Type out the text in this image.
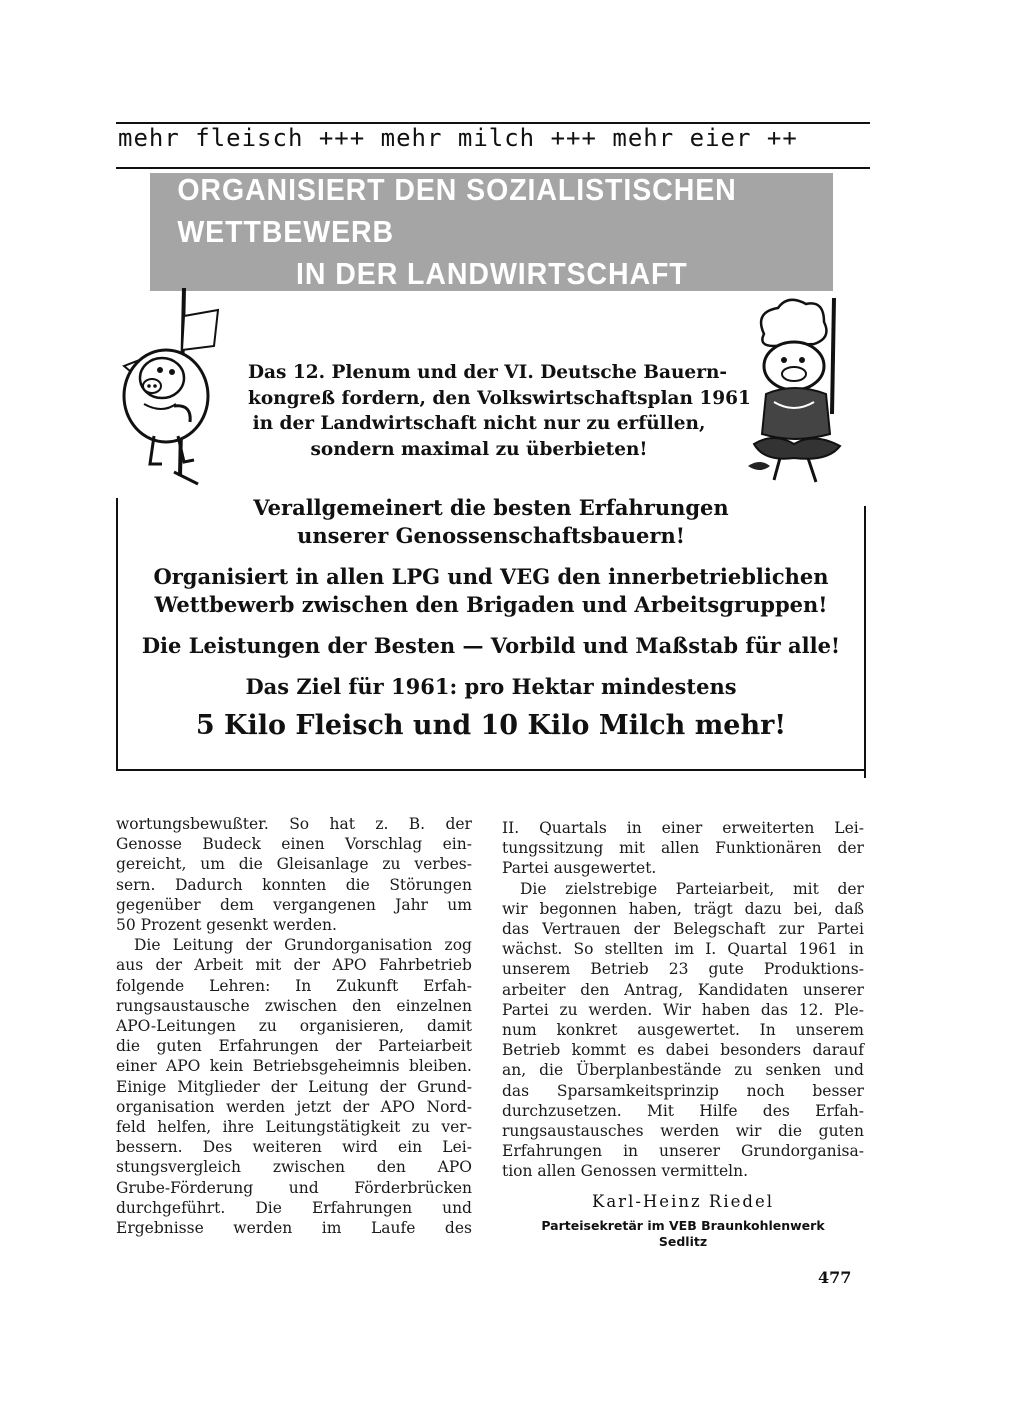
mehr fleisch +++ mehr milch +++ mehr eier ++
ORGANISIERT DEN SOZIALISTISCHEN WETTBEWERB
IN DER LANDWIRTSCHAFT
Das 12. Plenum und der VI. Deutsche Bauern-
kongreß fordern, den Volkswirtschaftsplan 1961
in der Landwirtschaft nicht nur zu erfüllen,
sondern maximal zu überbieten!
Verallgemeinert die besten Erfahrungen
unserer Genossenschaftsbauern!
Organisiert in allen LPG und VEG den innerbetrieblichen
Wettbewerb zwischen den Brigaden und Arbeitsgruppen!
Die Leistungen der Besten — Vorbild und Maßstab für alle!
Das Ziel für 1961: pro Hektar mindestens
5 Kilo Fleisch und 10 Kilo Milch mehr!
wortungsbewußter. So hat z. B. der
Genosse Budeck einen Vorschlag ein-
gereicht, um die Gleisanlage zu verbes-
sern. Dadurch konnten die Störungen
gegenüber dem vergangenen Jahr um
50 Prozent gesenkt werden.
Die Leitung der Grundorganisation zog
aus der Arbeit mit der APO Fahrbetrieb
folgende Lehren: In Zukunft Erfah-
rungsaustausche zwischen den einzelnen
APO-Leitungen zu organisieren, damit
die guten Erfahrungen der Parteiarbeit
einer APO kein Betriebsgeheimnis bleiben.
Einige Mitglieder der Leitung der Grund-
organisation werden jetzt der APO Nord-
feld helfen, ihre Leitungstätigkeit zu ver-
bessern. Des weiteren wird ein Lei-
stungsvergleich zwischen den APO
Grube-Förderung und Förderbrücken
durchgeführt. Die Erfahrungen und
Ergebnisse werden im Laufe des
II. Quartals in einer erweiterten Lei-
tungssitzung mit allen Funktionären der
Partei ausgewertet.
Die zielstrebige Parteiarbeit, mit der
wir begonnen haben, trägt dazu bei, daß
das Vertrauen der Belegschaft zur Partei
wächst. So stellten im I. Quartal 1961 in
unserem Betrieb 23 gute Produktions-
arbeiter den Antrag, Kandidaten unserer
Partei zu werden. Wir haben das 12. Ple-
num konkret ausgewertet. In unserem
Betrieb kommt es dabei besonders darauf
an, die Überplanbestände zu senken und
das Sparsamkeitsprinzip noch besser
durchzusetzen. Mit Hilfe des Erfah-
rungsaustausches werden wir die guten
Erfahrungen in unserer Grundorganisa-
tion allen Genossen vermitteln.
Karl-Heinz Riedel
Parteisekretär im VEB Braunkohlenwerk
Sedlitz
477
